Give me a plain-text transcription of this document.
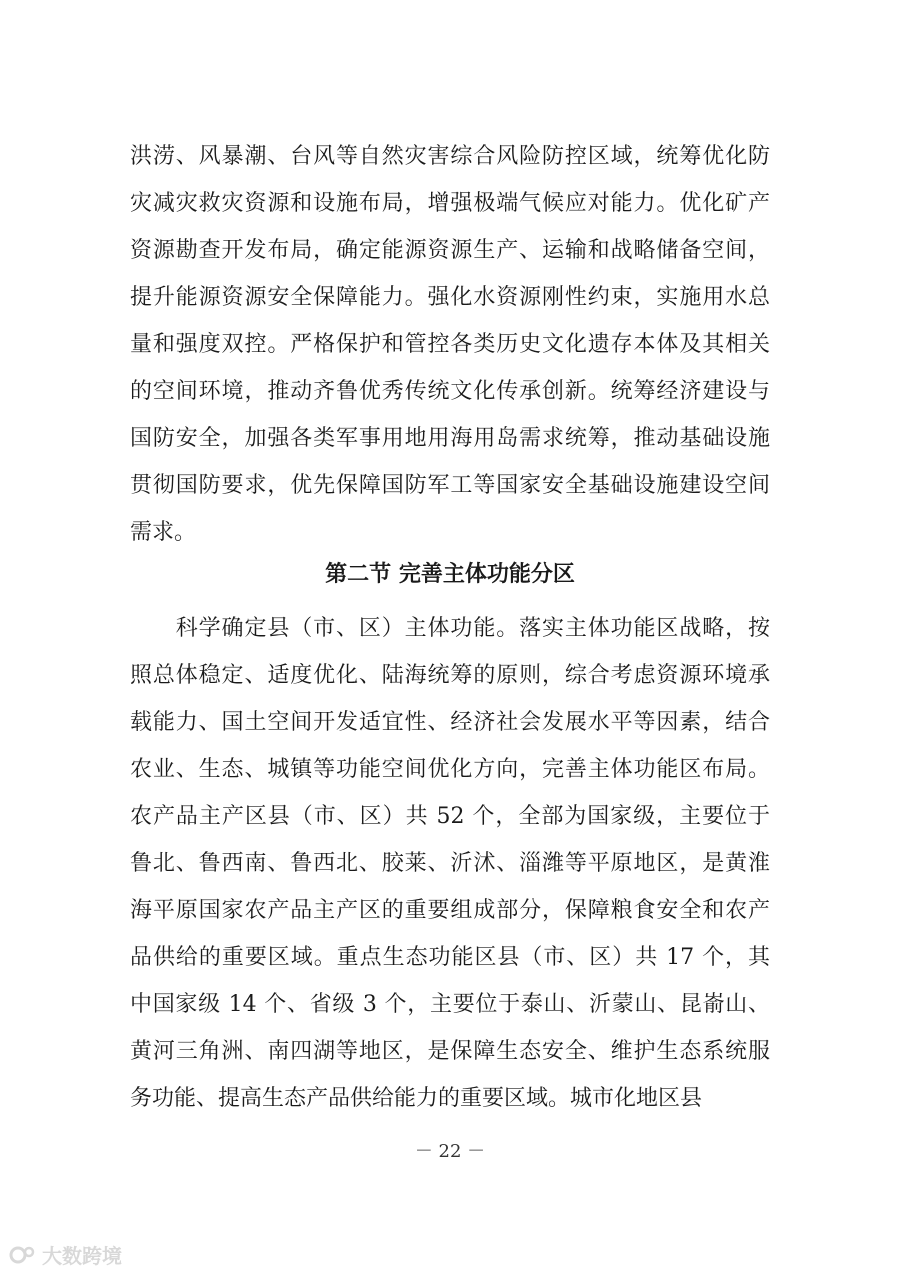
洪涝、风暴潮、台风等自然灾害综合风险防控区域，统筹优化防
灾减灾救灾资源和设施布局，增强极端气候应对能力。优化矿产
资源勘查开发布局，确定能源资源生产、运输和战略储备空间，
提升能源资源安全保障能力。强化水资源刚性约束，实施用水总
量和强度双控。严格保护和管控各类历史文化遗存本体及其相关
的空间环境，推动齐鲁优秀传统文化传承创新。统筹经济建设与
国防安全，加强各类军事用地用海用岛需求统筹，推动基础设施
贯彻国防要求，优先保障国防军工等国家安全基础设施建设空间
需求。
第二节 完善主体功能分区
　　科学确定县（市、区）主体功能。落实主体功能区战略，按
照总体稳定、适度优化、陆海统筹的原则，综合考虑资源环境承
载能力、国土空间开发适宜性、经济社会发展水平等因素，结合
农业、生态、城镇等功能空间优化方向，完善主体功能区布局。
农产品主产区县（市、区）共 52 个，全部为国家级，主要位于
鲁北、鲁西南、鲁西北、胶莱、沂沭、淄潍等平原地区，是黄淮
海平原国家农产品主产区的重要组成部分，保障粮食安全和农产
品供给的重要区域。重点生态功能区县（市、区）共 17 个，其
中国家级 14 个、省级 3 个，主要位于泰山、沂蒙山、昆嵛山、
黄河三角洲、南四湖等地区，是保障生态安全、维护生态系统服
务功能、提高生态产品供给能力的重要区域。城市化地区县
－ 22 －
大数跨境
